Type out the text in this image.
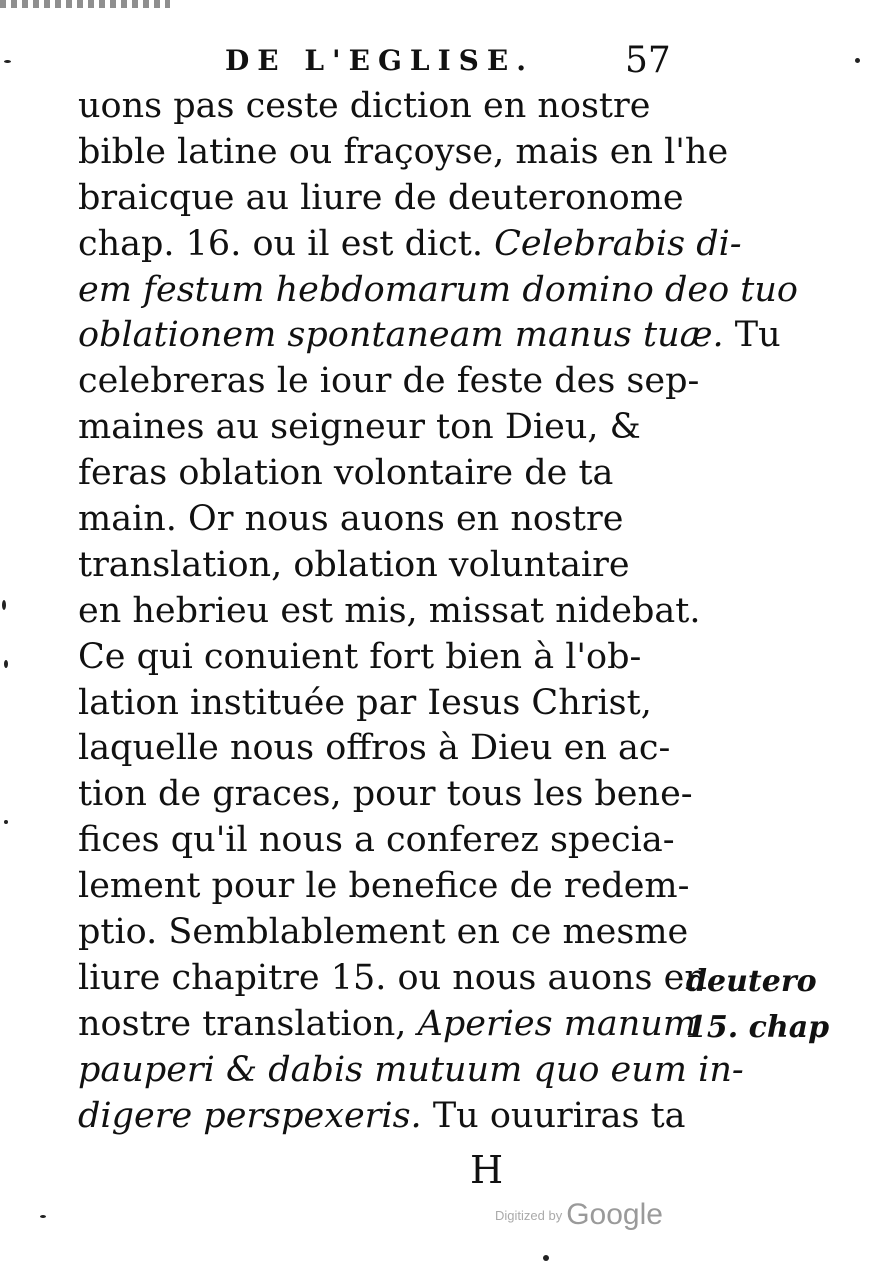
DE L'EGLISE.	57
uons pas ceste diction en nostre
bible latine ou fraçoyse, mais en l'he
braicque au liure de deuteronome
chap. 16. ou il est dict. Celebrabis di-
em festum hebdomarum domino deo tuo
oblationem spontaneam manus tuæ. Tu
celebreras le iour de feste des sep-
maines au seigneur ton Dieu, &
feras oblation volontaire de ta
main. Or nous auons en nostre
translation, oblation voluntaire
en hebrieu est mis, missat nidebat.
Ce qui conuient fort bien à l'ob-
lation instituée par Iesus Christ,
laquelle nous offros à Dieu en ac-
tion de graces, pour tous les bene-
fices qu'il nous a conferez specia-
lement pour le benefice de redem-
ptio. Semblablement en ce mesme
liure chapitre 15. ou nous auons en
nostre translation, Aperies manum
pauperi & dabis mutuum quo eum in-
digere perspexeris. Tu ouuriras ta
deutero
15. chap
H
Digitized by Google
